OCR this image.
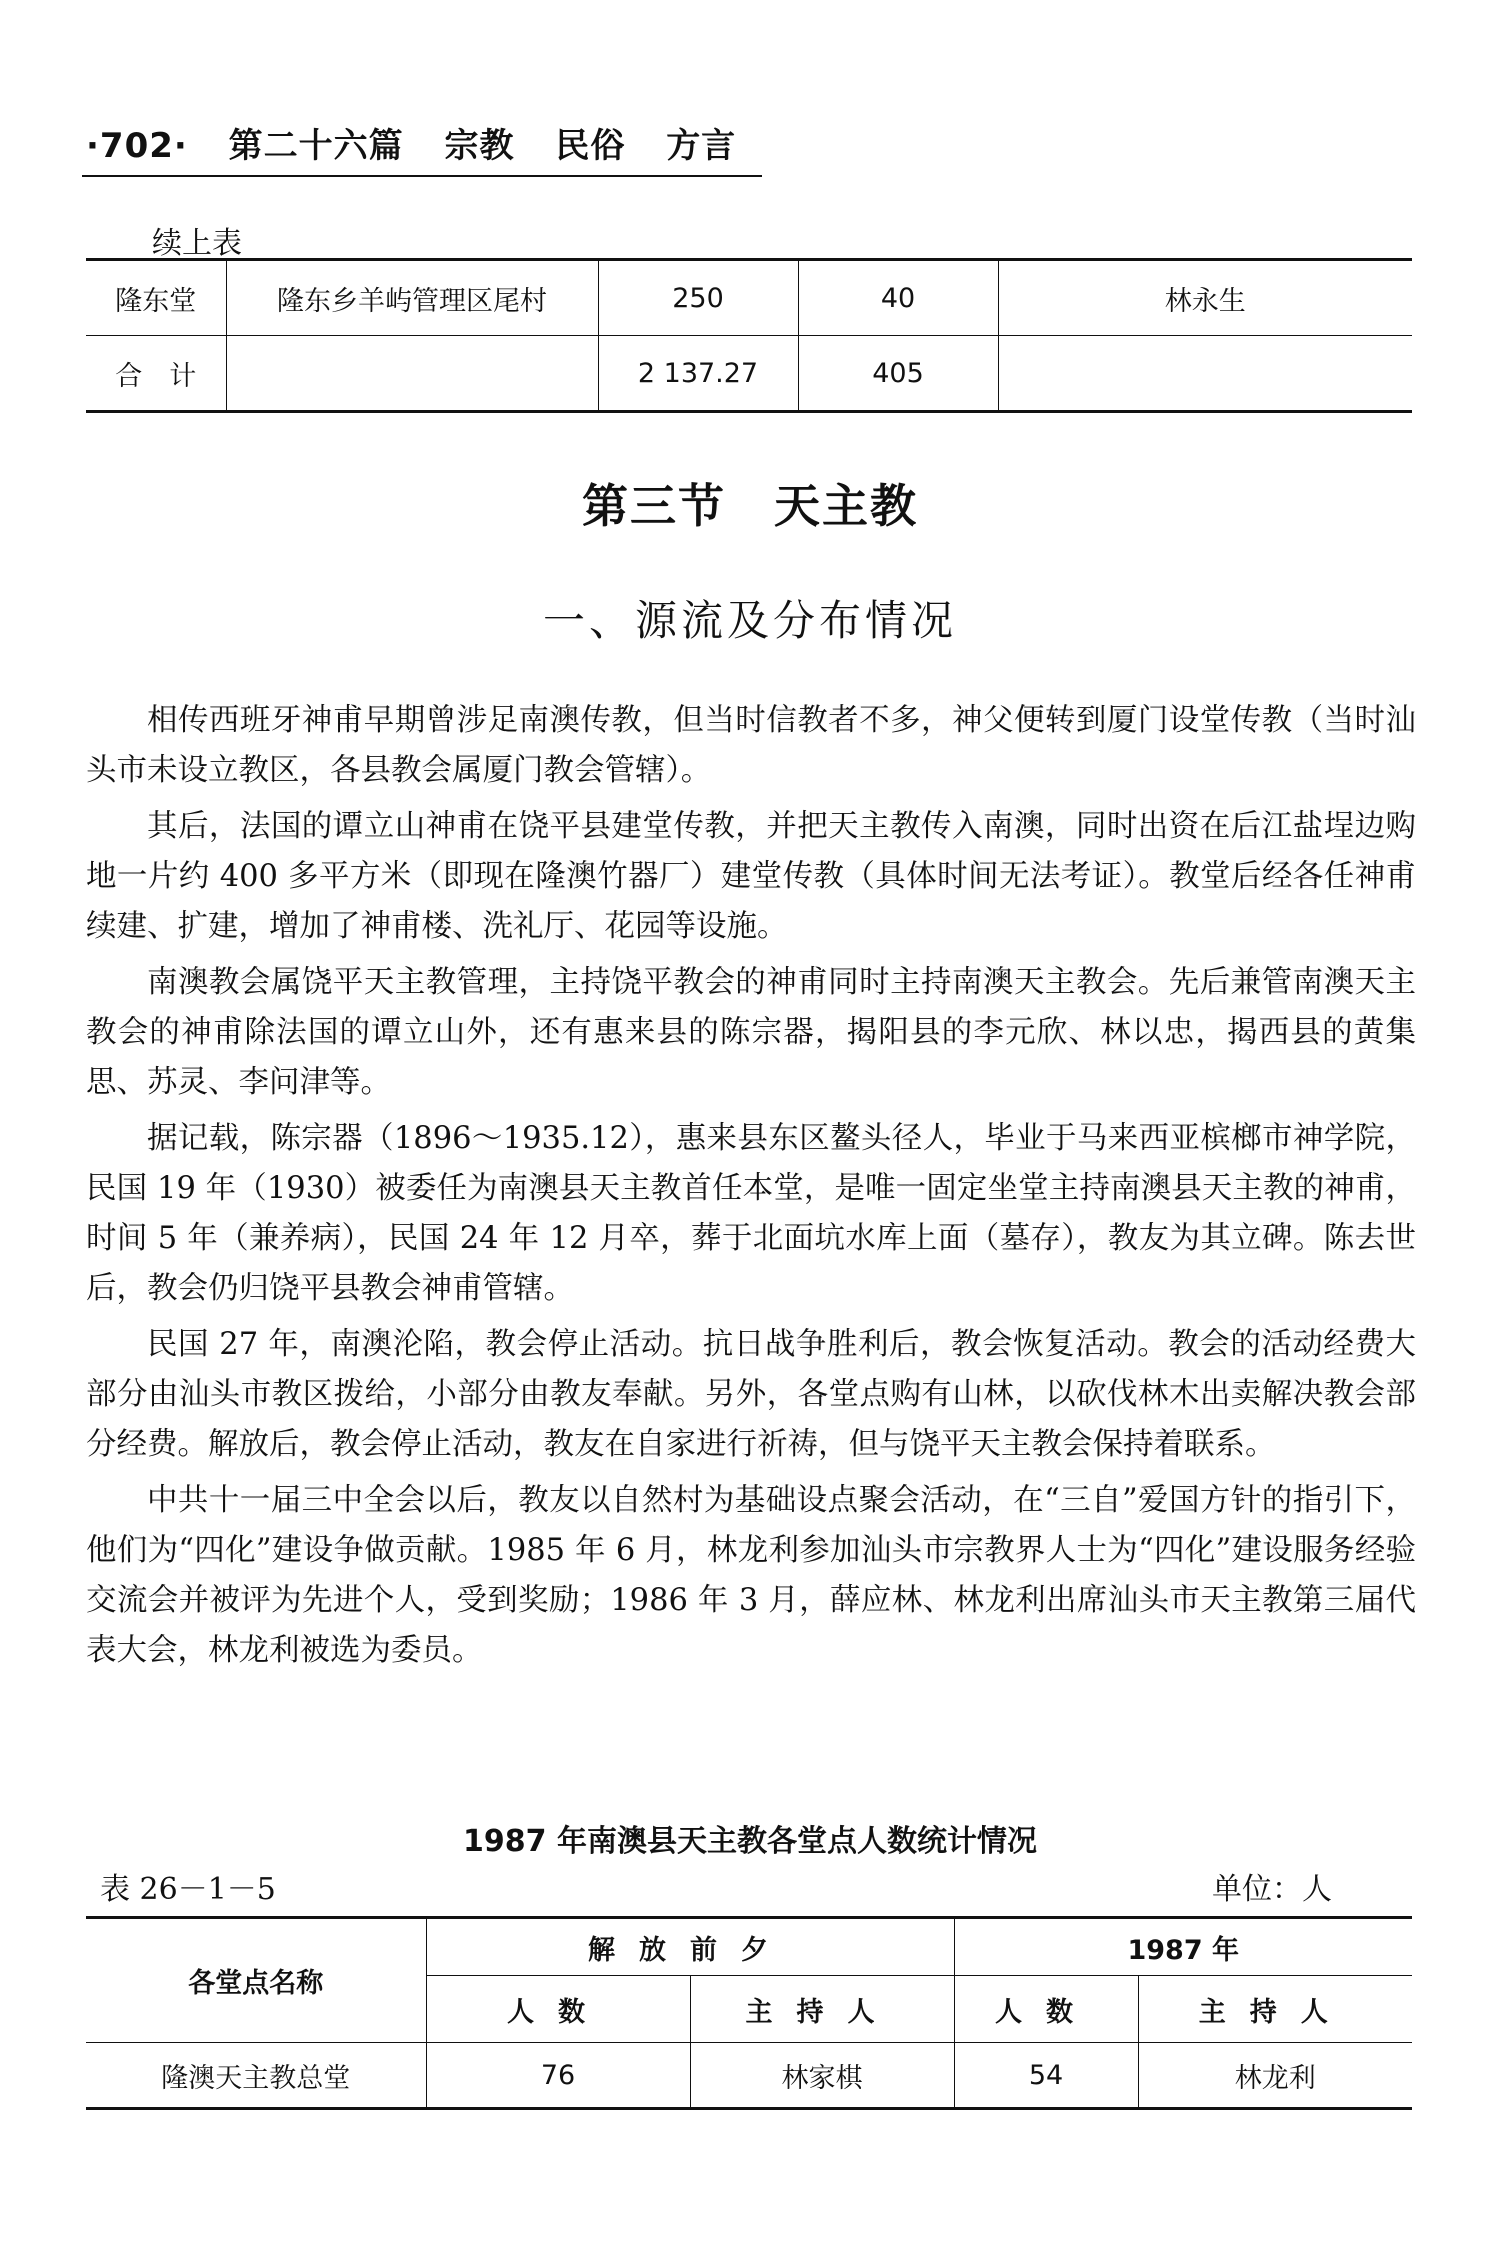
·702· 第二十六篇 宗教 民俗 方言
续上表
隆东堂	隆东乡羊屿管理区尾村	250	40	林永生
合　计		2 137.27	405	
第三节　天主教
一、源流及分布情况

相传西班牙神甫早期曾涉足南澳传教，但当时信教者不多，神父便转到厦门设堂传教（当时汕头市未设立教区，各县教会属厦门教会管辖）。

其后，法国的谭立山神甫在饶平县建堂传教，并把天主教传入南澳，同时出资在后江盐埕边购地一片约 400 多平方米（即现在隆澳竹器厂）建堂传教（具体时间无法考证）。教堂后经各任神甫续建、扩建，增加了神甫楼、洗礼厅、花园等设施。

南澳教会属饶平天主教管理，主持饶平教会的神甫同时主持南澳天主教会。先后兼管南澳天主教会的神甫除法国的谭立山外，还有惠来县的陈宗器，揭阳县的李元欣、林以忠，揭西县的黄集思、苏灵、李问津等。

据记载，陈宗器（1896～1935.12），惠来县东区鳌头径人，毕业于马来西亚槟榔市神学院，民国 19 年（1930）被委任为南澳县天主教首任本堂，是唯一固定坐堂主持南澳县天主教的神甫，时间 5 年（兼养病），民国 24 年 12 月卒，葬于北面坑水库上面（墓存），教友为其立碑。陈去世后，教会仍归饶平县教会神甫管辖。

民国 27 年，南澳沦陷，教会停止活动。抗日战争胜利后，教会恢复活动。教会的活动经费大部分由汕头市教区拨给，小部分由教友奉献。另外，各堂点购有山林，以砍伐林木出卖解决教会部分经费。解放后，教会停止活动，教友在自家进行祈祷，但与饶平天主教会保持着联系。

中共十一届三中全会以后，教友以自然村为基础设点聚会活动，在“三自”爱国方针的指引下，他们为“四化”建设争做贡献。1985 年 6 月，林龙利参加汕头市宗教界人士为“四化”建设服务经验交流会并被评为先进个人，受到奖励；1986 年 3 月，薛应林、林龙利出席汕头市天主教第三届代表大会，林龙利被选为委员。

1987 年南澳县天主教各堂点人数统计情况
表 26－1－5	单位：人
各堂点名称	解放前夕		1987 年	
	人数	主持人	人数	主持人
隆澳天主教总堂	76	林家棋	54	林龙利
